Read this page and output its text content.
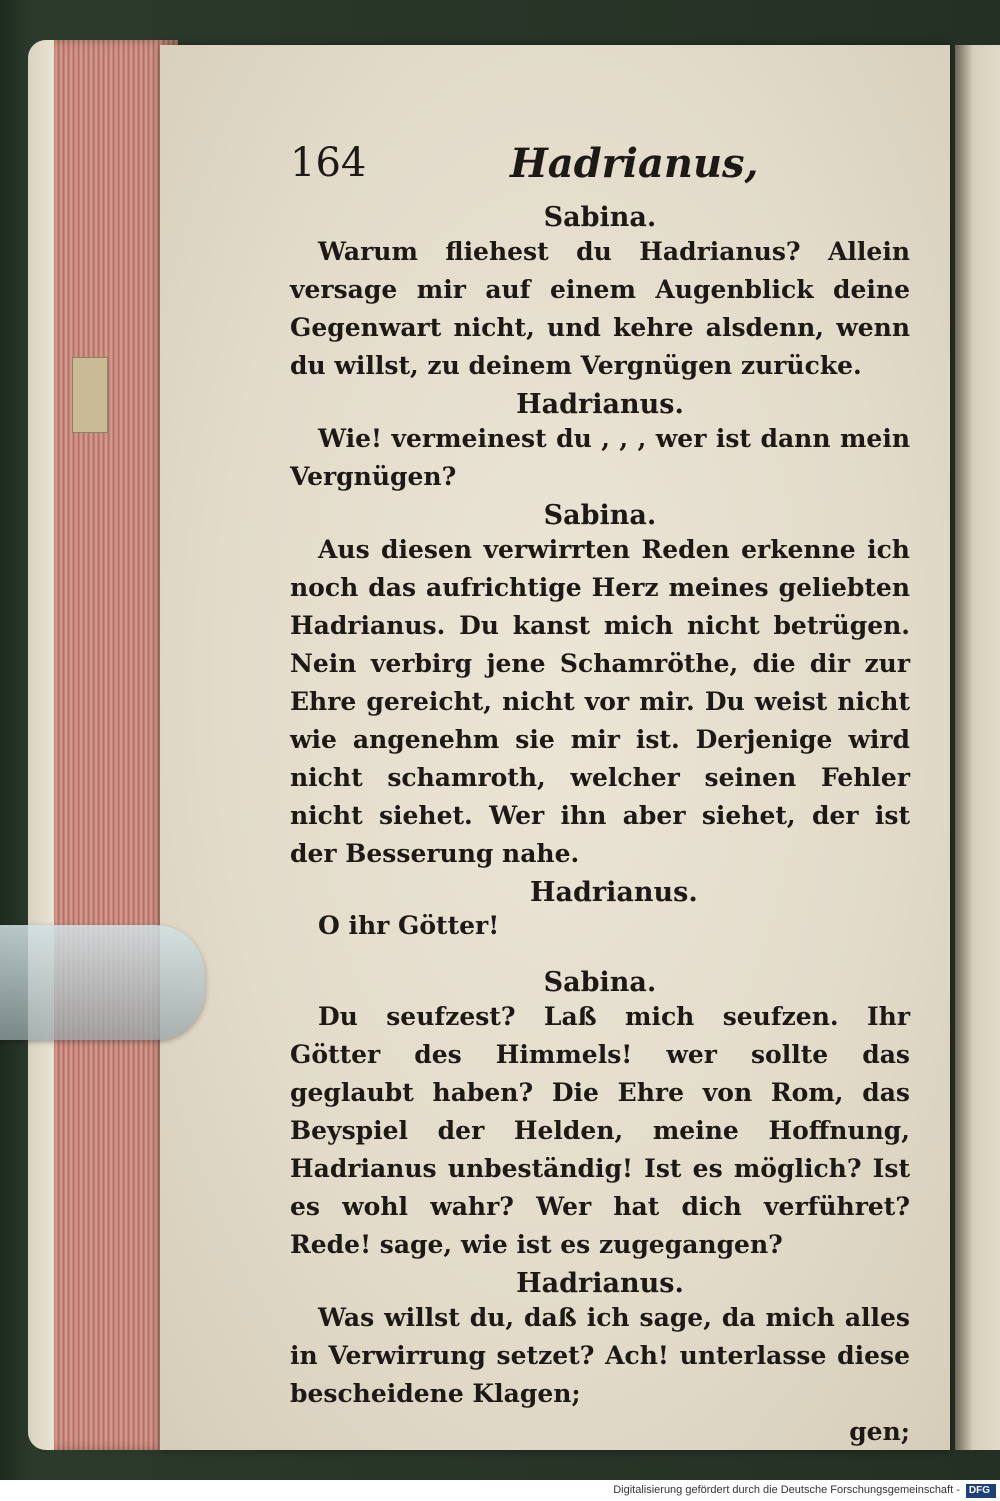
164	Hadrianus,

Sabina.

Warum fliehest du Hadrianus? Allein versage mir auf einem Augenblick deine Gegenwart nicht, und kehre alsdenn, wenn du willst, zu deinem Vergnügen zurücke.

Hadrianus.

Wie! vermeinest du , , , wer ist dann mein Vergnügen?

Sabina.

Aus diesen verwirrten Reden erkenne ich noch das aufrichtige Herz meines geliebten Hadrianus. Du kanst mich nicht betrügen. Nein verbirg jene Schamröthe, die dir zur Ehre gereicht, nicht vor mir. Du weist nicht wie angenehm sie mir ist. Derjenige wird nicht schamroth, welcher seinen Fehler nicht siehet. Wer ihn aber siehet, der ist der Besserung nahe.

Hadrianus.

O ihr Götter!

Sabina.

Du seufzest? Laß mich seufzen. Ihr Götter des Himmels! wer sollte das geglaubt haben? Die Ehre von Rom, das Beyspiel der Helden, meine Hoffnung, Hadrianus unbeständig! Ist es möglich? Ist es wohl wahr? Wer hat dich verführet? Rede! sage, wie ist es zugegangen?

Hadrianus.

Was willst du, daß ich sage, da mich alles in Verwirrung setzet? Ach! unterlasse diese bescheidene Klagen;

gen;

Digitalisierung gefördert durch die Deutsche Forschungsgemeinschaft - DFG
